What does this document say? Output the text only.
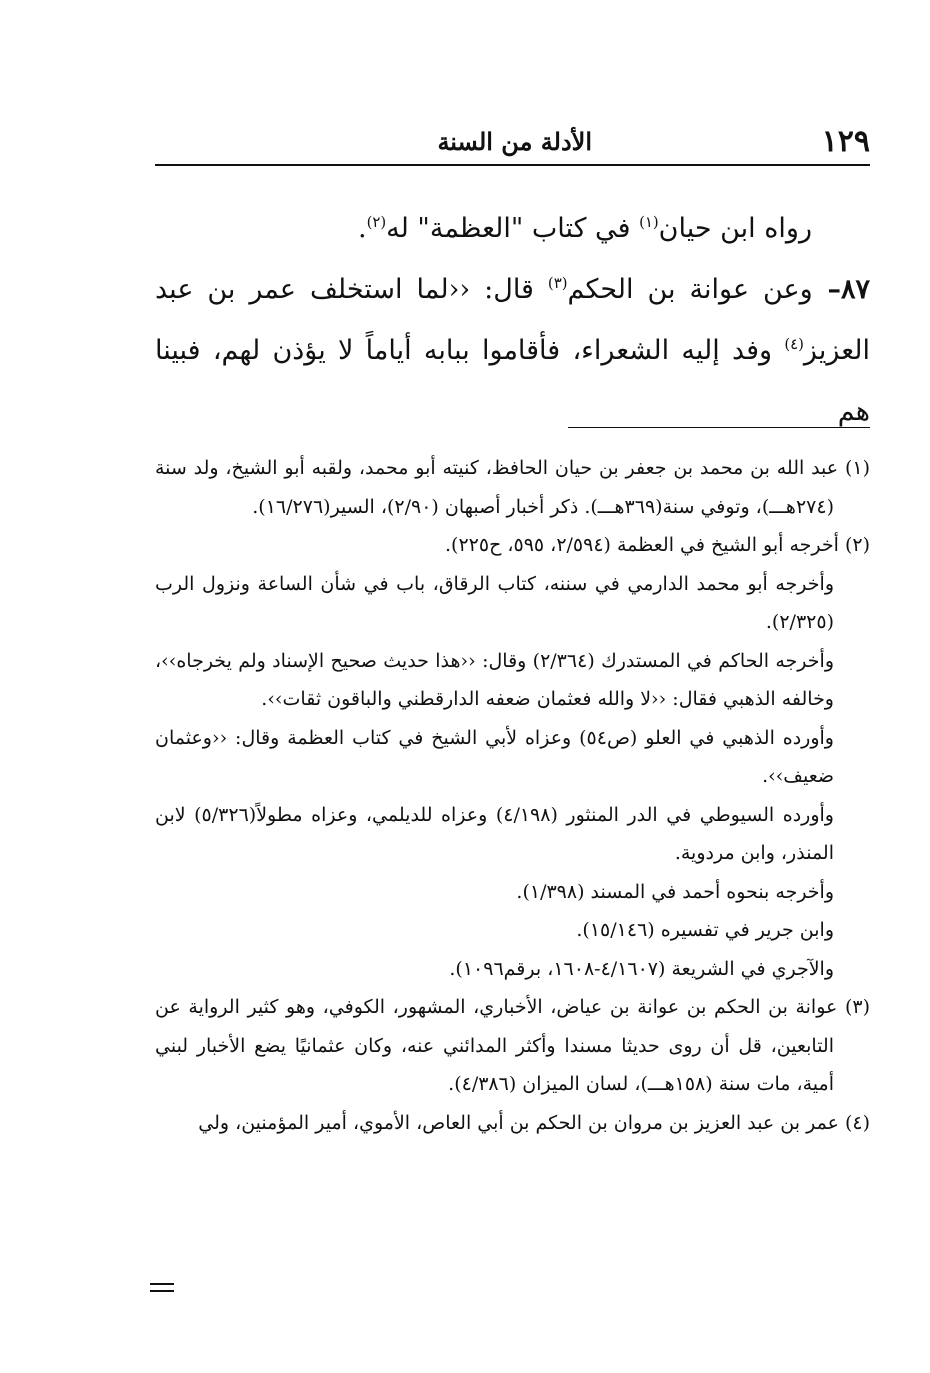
١٢٩
الأدلة من السنة

رواه ابن حيان$^{(١)}$ في كتاب "العظمة" له$^{(٢)}$.

٨٧– وعن عوانة بن الحكم$^{(٣)}$ قال: ‹‹لما استخلف عمر بن عبد العزيز$^{(٤)}$ وفد إليه الشعراء، فأقاموا ببابه أياماً لا يؤذن لهم، فبينا هم

(١) عبد الله بن محمد بن جعفر بن حيان الحافظ، كنيته أبو محمد، ولقبه أبو الشيخ، ولد سنة (٢٧٤هـــ)، وتوفي سنة(٣٦٩هـــ). ذكر أخبار أصبهان (٢/٩٠)، السير(١٦/٢٧٦).

(٢) أخرجه أبو الشيخ في العظمة (٢/٥٩٤، ٥٩٥، ح٢٢٥).

وأخرجه أبو محمد الدارمي في سننه، كتاب الرقاق، باب في شأن الساعة ونزول الرب (٢/٣٢٥).

وأخرجه الحاكم في المستدرك (٢/٣٦٤) وقال: ‹‹هذا حديث صحيح الإسناد ولم يخرجاه››، وخالفه الذهبي فقال: ‹‹لا والله فعثمان ضعفه الدارقطني والباقون ثقات››.

وأورده الذهبي في العلو (ص٥٤) وعزاه لأبي الشيخ في كتاب العظمة وقال: ‹‹وعثمان ضعيف››.

وأورده السيوطي في الدر المنثور (٤/١٩٨) وعزاه للديلمي، وعزاه مطولاً(٥/٣٢٦) لابن المنذر، وابن مردوية.

وأخرجه بنحوه أحمد في المسند (١/٣٩٨).

وابن جرير في تفسيره (١٥/١٤٦).

والآجري في الشريعة (٤/١٦٠٧-١٦٠٨، برقم١٠٩٦).

(٣) عوانة بن الحكم بن عوانة بن عياض، الأخباري، المشهور، الكوفي، وهو كثير الرواية عن التابعين، قل أن روى حديثا مسندا وأكثر المدائني عنه، وكان عثمانيًا يضع الأخبار لبني أمية، مات سنة (١٥٨هـــ)، لسان الميزان (٤/٣٨٦).

(٤) عمر بن عبد العزيز بن مروان بن الحكم بن أبي العاص، الأموي، أمير المؤمنين، ولي
